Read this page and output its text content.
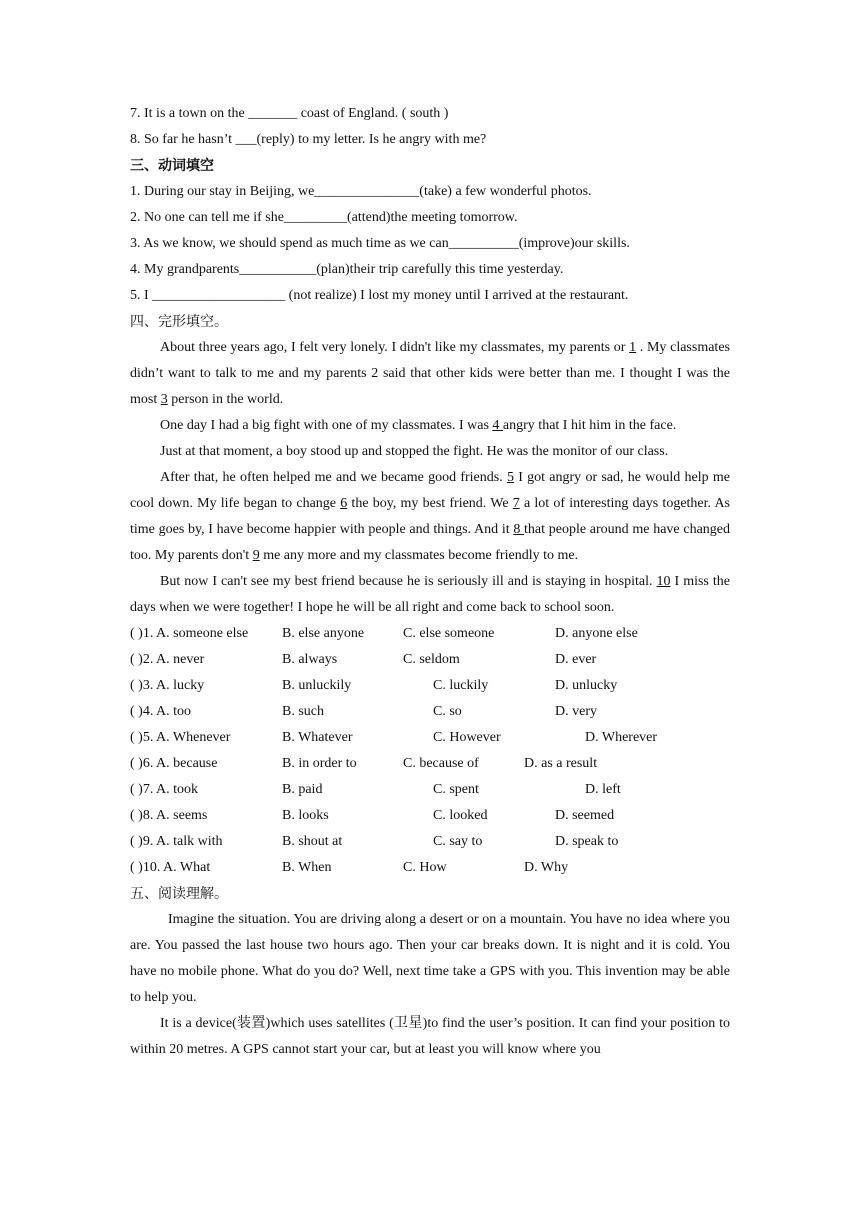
7. It is a town on the _______ coast of England. ( south )
8. So far he hasn’t ___(reply) to my letter. Is he angry with me?
三、动词填空
1. During our stay in Beijing, we_______________(take) a few wonderful photos.
2. No one can tell me if she_________(attend)the meeting tomorrow.
3. As we know, we should spend as much time as we can__________(improve)our skills.
4. My grandparents___________(plan)their trip carefully this time yesterday.
5. I ___________________ (not realize) I lost my money until I arrived at the restaurant.
四、完形填空。
About three years ago, I felt very lonely. I didn't like my classmates, my parents or 1 . My classmates didn’t want to talk to me and my parents 2 said that other kids were better than me. I thought I was the most 3 person in the world.
One day I had a big fight with one of my classmates. I was 4 angry that I hit him in the face.
Just at that moment, a boy stood up and stopped the fight. He was the monitor of our class.
After that, he often helped me and we became good friends. 5 I got angry or sad, he would help me cool down. My life began to change 6 the boy, my best friend. We 7 a lot of interesting days together. As time goes by, I have become happier with people and things. And it 8 that people around me have changed too. My parents don't 9 me any more and my classmates become friendly to me.
But now I can't see my best friend because he is seriously ill and is staying in hospital. 10 I miss the days when we were together! I hope he will be all right and come back to school soon.
( )1. A. someone else B. else anyone	C. else someone	D. anyone else
( )2. A. never	B. always	C. seldom	D. ever
( )3. A. lucky	B. unluckily	C. luckily	D. unlucky
( )4. A. too	B. such	C. so	D. very
( )5. A. Whenever	B. Whatever	C. However	D. Wherever
( )6. A. because	B. in order to	C. because of	D. as a result
( )7. A. took	B. paid	C. spent	D. left
( )8. A. seems	B. looks	C. looked	D. seemed
( )9. A. talk with	B. shout at	C. say to	D. speak to
( )10. A. What	B. When	C. How	D. Why
五、阅读理解。
Imagine the situation. You are driving along a desert or on a mountain. You have no idea where you are. You passed the last house two hours ago. Then your car breaks down. It is night and it is cold. You have no mobile phone. What do you do? Well, next time take a GPS with you. This invention may be able to help you.
It is a device(装置)which uses satellites (卫星)to find the user’s position. It can find your position to within 20 metres. A GPS cannot start your car, but at least you will know where you
